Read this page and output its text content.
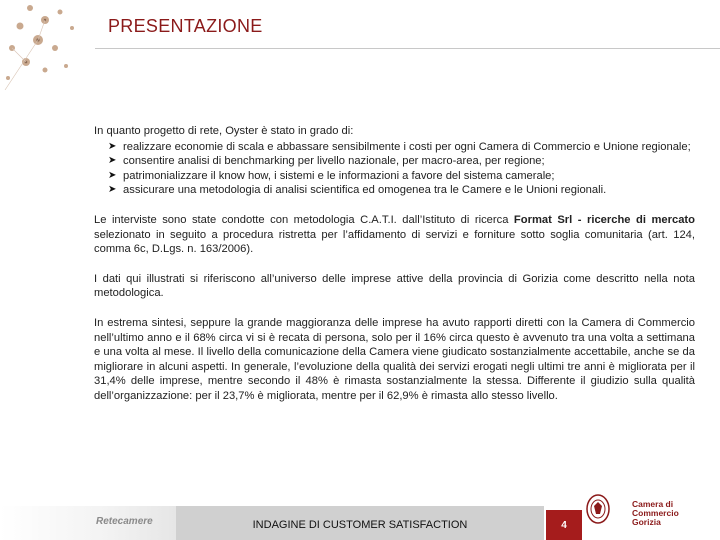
PRESENTAZIONE

In quanto progetto di rete, Oyster è stato in grado di:

➤ realizzare economie di scala e abbassare sensibilmente i costi per ogni Camera di Commercio e Unione regionale;
➤ consentire analisi di benchmarking per livello nazionale, per macro-area, per regione;
➤ patrimonializzare il know how, i sistemi e le informazioni a favore del sistema camerale;
➤ assicurare una metodologia di analisi scientifica ed omogenea tra le Camere e le Unioni regionali.

Le interviste sono state condotte con metodologia C.A.T.I. dall’Istituto di ricerca Format Srl - ricerche di mercato selezionato in seguito a procedura ristretta per l’affidamento di servizi e forniture sotto soglia comunitaria (art. 124, comma 6c, D.Lgs. n. 163/2006).

I dati qui illustrati si riferiscono all’universo delle imprese attive della provincia di Gorizia come descritto nella nota metodologica.

In estrema sintesi, seppure la grande maggioranza delle imprese ha avuto rapporti diretti con la Camera di Commercio nell’ultimo anno e il 68% circa vi si è recata di persona, solo per il 16% circa questo è avvenuto tra una volta a settimana e una volta al mese. Il livello della comunicazione della Camera viene giudicato sostanzialmente accettabile, anche se da migliorare in alcuni aspetti. In generale, l’evoluzione della qualità dei servizi erogati negli ultimi tre anni è migliorata per il 31,4% delle imprese, mentre secondo il 48% è rimasta sostanzialmente la stessa. Differente il giudizio sulla qualità dell’organizzazione: per il 23,7% è migliorata, mentre per il 62,9% è rimasta allo stesso livello.

Retecamere	INDAGINE DI CUSTOMER SATISFACTION	4
Camera di Commercio
Gorizia
